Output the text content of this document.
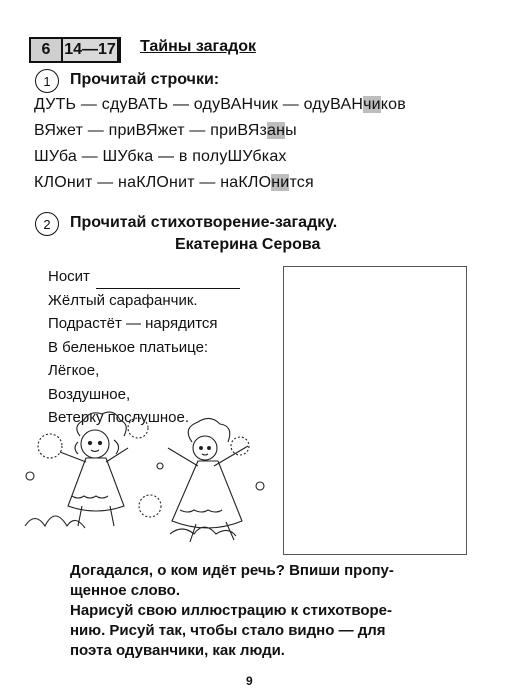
6 14—17 Тайны загадок
1	Прочитай строчки:
ДУТЬ — сдуВАТЬ — одуВАНчик — одуВАНчиков
ВЯжет — приВЯжет — приВЯзаны
ШУба — ШУбка — в полуШУбках
КЛОнит — наКЛОнит — наКЛОнится
2	Прочитай стихотворение-загадку.
Екатерина Серова
Носит
Жёлтый сарафанчик.
Подрастёт — нарядится
В беленькое платьице:
Лёгкое,
Воздушное,
Ветерку послушное.

Догадался, о ком идёт речь? Впиши пропу-

щенное слово.

Нарисуй свою иллюстрацию к стихотворе-

нию. Рисуй так, чтобы стало видно — для

поэта одуванчики, как люди.

9
